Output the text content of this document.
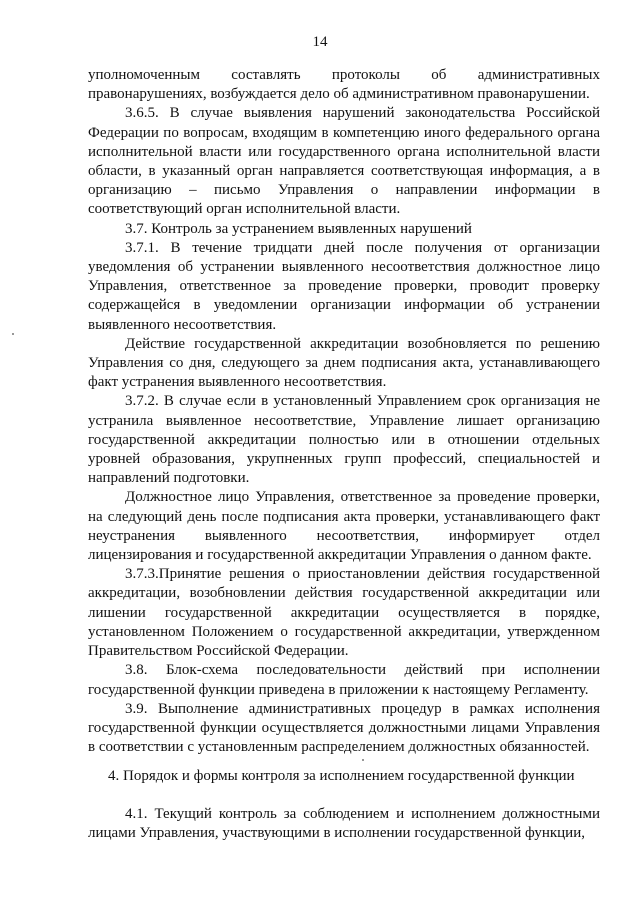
14

уполномоченным составлять протоколы об административных правонарушениях, возбуждается дело об административном правонарушении.

3.6.5. В случае выявления нарушений законодательства Российской Федерации по вопросам, входящим в компетенцию иного федерального органа исполнительной власти или государственного органа исполнительной власти области, в указанный орган направляется соответствующая информация, а в организацию – письмо Управления о направлении информации в соответствующий орган исполнительной власти.

3.7. Контроль за устранением выявленных нарушений

3.7.1. В течение тридцати дней после получения от организации уведомления об устранении выявленного несоответствия должностное лицо Управления, ответственное за проведение проверки, проводит проверку содержащейся в уведомлении организации информации об устранении выявленного несоответствия.

Действие государственной аккредитации возобновляется по решению Управления со дня, следующего за днем подписания акта, устанавливающего факт устранения выявленного несоответствия.

3.7.2. В случае если в установленный Управлением срок организация не устранила выявленное несоответствие, Управление лишает организацию государственной аккредитации полностью или в отношении отдельных уровней образования, укрупненных групп профессий, специальностей и направлений подготовки.

Должностное лицо Управления, ответственное за проведение проверки, на следующий день после подписания акта проверки, устанавливающего факт неустранения выявленного несоответствия, информирует отдел лицензирования и государственной аккредитации Управления о данном факте.

3.7.3.Принятие решения о приостановлении действия государственной аккредитации, возобновлении действия государственной аккредитации или лишении государственной аккредитации осуществляется в порядке, установленном Положением о государственной аккредитации, утвержденном Правительством Российской Федерации.

3.8. Блок-схема последовательности действий при исполнении государственной функции приведена в приложении к настоящему Регламенту.

3.9. Выполнение административных процедур в рамках исполнения государственной функции осуществляется должностными лицами Управления в соответствии с установленным распределением должностных обязанностей.

4. Порядок и формы контроля за исполнением государственной функции

4.1. Текущий контроль за соблюдением и исполнением должностными лицами Управления, участвующими в исполнении государственной функции,
